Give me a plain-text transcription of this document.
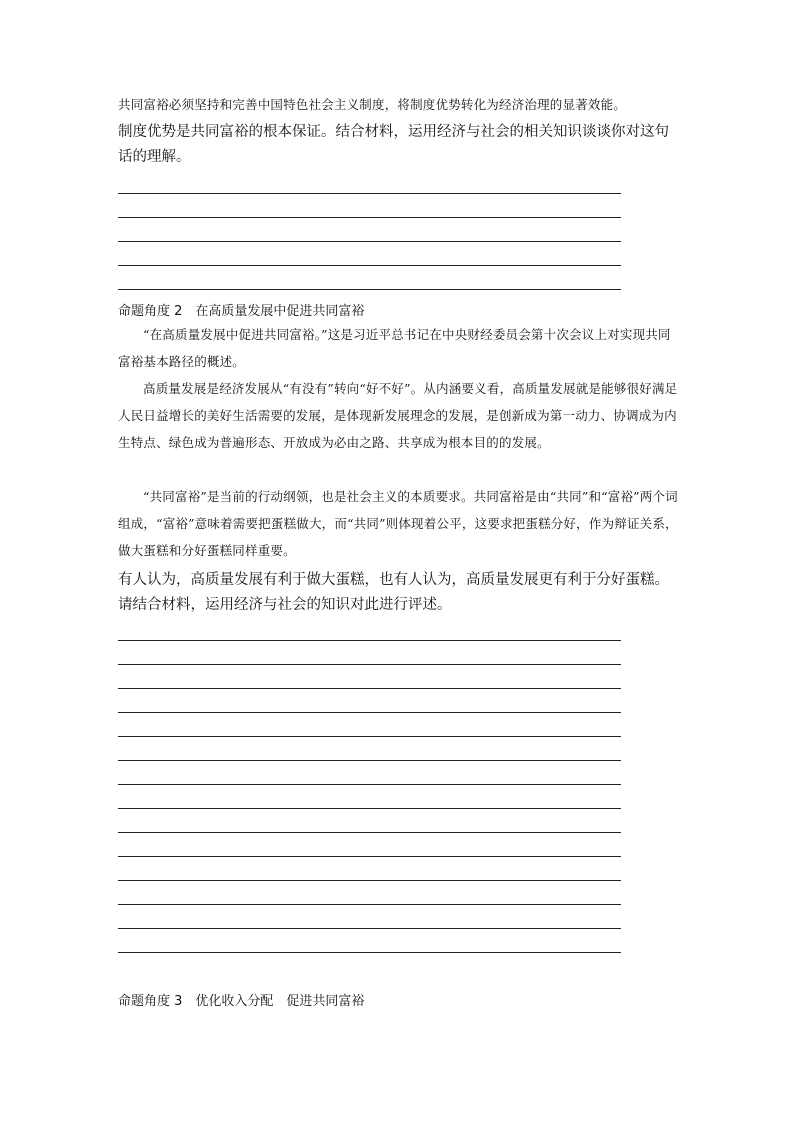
共同富裕必须坚持和完善中国特色社会主义制度，将制度优势转化为经济治理的显著效能。

制度优势是共同富裕的根本保证。结合材料，运用经济与社会的相关知识谈谈你对这句话的理解。

命题角度 2　在高质量发展中促进共同富裕

“在高质量发展中促进共同富裕。”这是习近平总书记在中央财经委员会第十次会议上对实现共同富裕基本路径的概述。

高质量发展是经济发展从“有没有”转向“好不好”。从内涵要义看，高质量发展就是能够很好满足人民日益增长的美好生活需要的发展，是体现新发展理念的发展，是创新成为第一动力、协调成为内生特点、绿色成为普遍形态、开放成为必由之路、共享成为根本目的的发展。

“共同富裕”是当前的行动纲领，也是社会主义的本质要求。共同富裕是由“共同”和“富裕”两个词组成，“富裕”意味着需要把蛋糕做大，而“共同”则体现着公平，这要求把蛋糕分好，作为辩证关系，做大蛋糕和分好蛋糕同样重要。

有人认为，高质量发展有利于做大蛋糕，也有人认为，高质量发展更有利于分好蛋糕。请结合材料，运用经济与社会的知识对此进行评述。

命题角度 3　优化收入分配　促进共同富裕
